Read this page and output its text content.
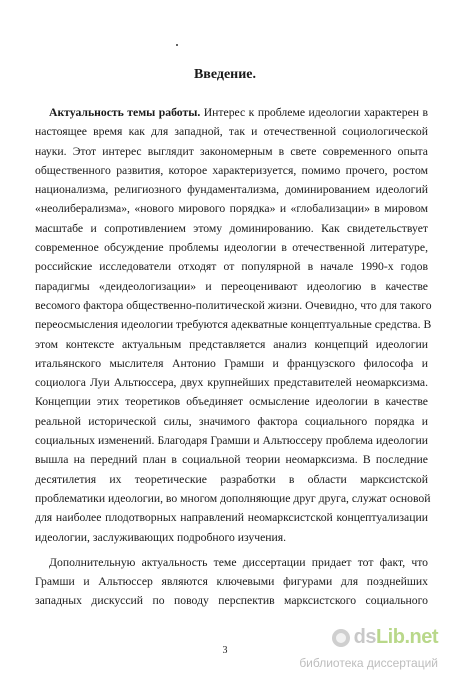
Введение.
Актуальность темы работы. Интерес к проблеме идеологии характерен в
настоящее время как для западной, так и отечественной социологической
науки. Этот интерес выглядит закономерным в свете современного опыта
общественного развития, которое характеризуется, помимо прочего, ростом
национализма, религиозного фундаментализма, доминированием идеологий
«неолиберализма», «нового мирового порядка» и «глобализации» в мировом
масштабе и сопротивлением этому доминированию. Как свидетельствует
современное обсуждение проблемы идеологии в отечественной литературе,
российские исследователи отходят от популярной в начале 1990-х годов
парадигмы «деидеологизации» и переоценивают идеологию в качестве
весомого фактора общественно-политической жизни. Очевидно, что для такого
переосмысления идеологии требуются адекватные концептуальные средства. В
этом контексте актуальным представляется анализ концепций идеологии
итальянского мыслителя Антонио Грамши и французского философа и
социолога Луи Альтюссера, двух крупнейших представителей неомарксизма.
Концепции этих теоретиков объединяет осмысление идеологии в качестве
реальной исторической силы, значимого фактора социального порядка и
социальных изменений. Благодаря Грамши и Альтюссеру проблема идеологии
вышла на передний план в социальной теории неомарксизма. В последние
десятилетия их теоретические разработки в области марксистской
проблематики идеологии, во многом дополняющие друг друга, служат основой
для наиболее плодотворных направлений неомарксистской концептуализации
идеологии, заслуживающих подробного изучения.
Дополнительную актуальность теме диссертации придает тот факт, что
Грамши и Альтюссер являются ключевыми фигурами для позднейших
западных дискуссий по поводу перспектив марксистского социального
3
dsLib.net
библиотека диссертаций
